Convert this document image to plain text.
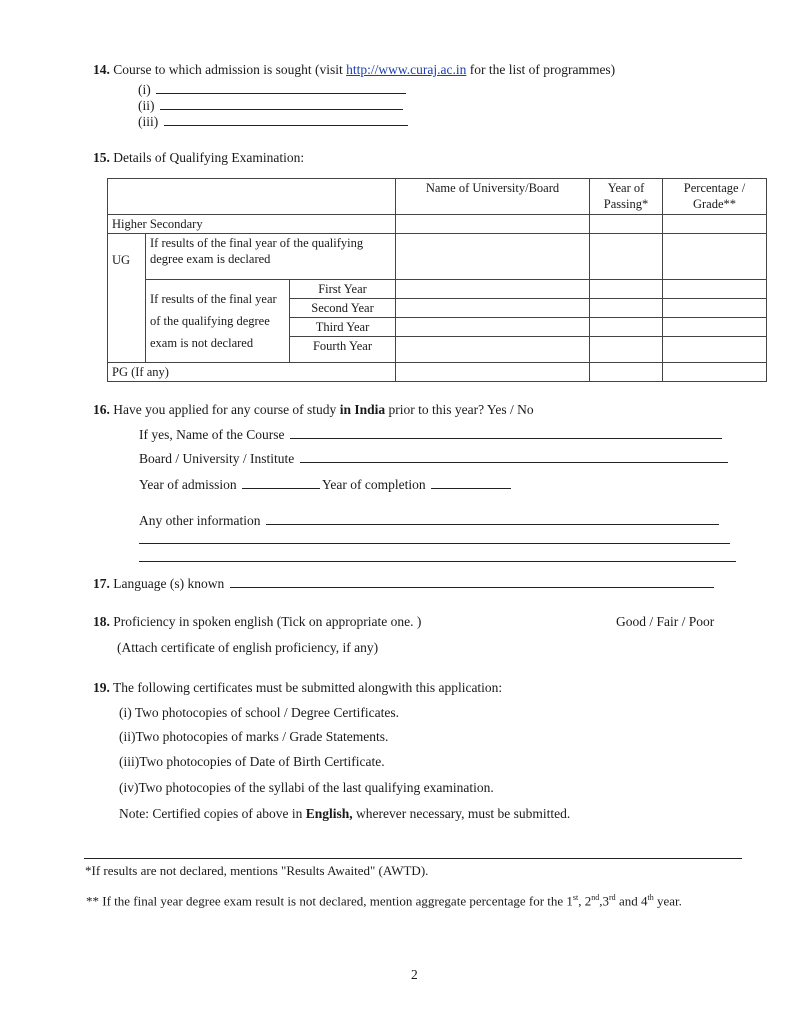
14. Course to which admission is sought (visit http://www.curaj.ac.in for the list of programmes)
(i)
(ii)
(iii)
15. Details of Qualifying Examination:
			Name of University/Board	Year of Passing*	Percentage / Grade**
Higher Secondary					
UG	If results of the final year of the qualifying degree exam is declared				
	If results of the final year of the qualifying degree exam is not declared	First Year			
		Second Year			
		Third Year			
		Fourth Year			
PG (If any)					
16. Have you applied for any course of study in India prior to this year? Yes / No
If yes, Name of the Course
Board / University / Institute
Year of admission	Year of completion
Any other information
17. Language (s) known
18. Proficiency in spoken english (Tick on appropriate one. )	Good / Fair / Poor
(Attach certificate of english proficiency, if any)
19. The following certificates must be submitted alongwith this application:
(i) Two photocopies of school / Degree Certificates.
(ii)Two photocopies of marks / Grade Statements.
(iii)Two photocopies of Date of Birth Certificate.
(iv)Two photocopies of the syllabi of the last qualifying examination.
Note: Certified copies of above in English, wherever necessary, must be submitted.
*If results are not declared, mentions "Results Awaited" (AWTD).
** If the final year degree exam result is not declared, mention aggregate percentage for the 1st, 2nd,3rd and 4th year.
2
